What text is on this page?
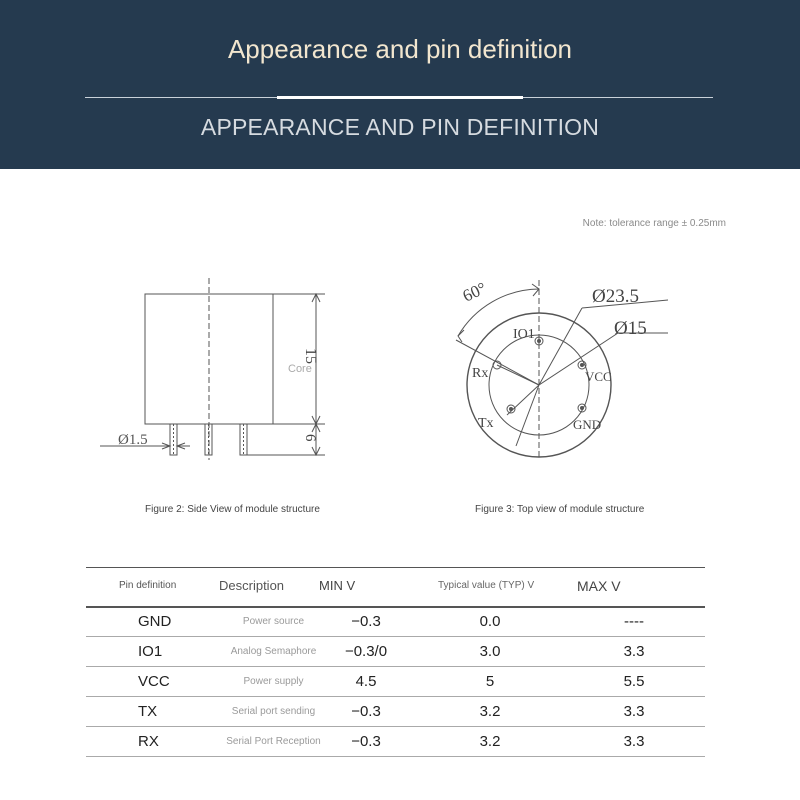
Appearance and pin definition
APPEARANCE AND PIN DEFINITION
Note: tolerance range ± 0.25mm
15
6
Ø1.5
Core
60°	Ø23.5
Ø15
IO1
VCC
GND
Tx
Rx
Figure 2: Side View of module structure	Figure 3: Top view of module structure
Pin definition	Description	MIN V	Typical value (TYP) V	MAX V
GND	Power source	−0.3	0.0	----
IO1	Analog Semaphore	−0.3/0	3.0	3.3
VCC	Power supply	4.5	5	5.5
TX	Serial port sending	−0.3	3.2	3.3
RX	Serial Port Reception	−0.3	3.2	3.3
